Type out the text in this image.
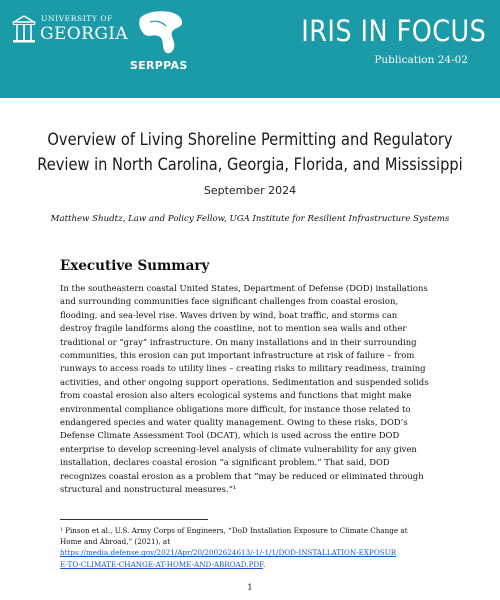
UNIVERSITY OF
GEORGIA
SERPPAS
IRIS IN FOCUS
Publication 24-02
Overview of Living Shoreline Permitting and Regulatory
Review in North Carolina, Georgia, Florida, and Mississippi
September 2024
Matthew Shudtz, Law and Policy Fellow, UGA Institute for Resilient Infrastructure Systems
Executive Summary
In the southeastern coastal United States, Department of Defense (DOD) installations
and surrounding communities face significant challenges from coastal erosion,
flooding, and sea-level rise. Waves driven by wind, boat traffic, and storms can
destroy fragile landforms along the coastline, not to mention sea walls and other
traditional or “gray” infrastructure. On many installations and in their surrounding
communities, this erosion can put important infrastructure at risk of failure – from
runways to access roads to utility lines – creating risks to military readiness, training
activities, and other ongoing support operations. Sedimentation and suspended solids
from coastal erosion also alters ecological systems and functions that might make
environmental compliance obligations more difficult, for instance those related to
endangered species and water quality management. Owing to these risks, DOD’s
Defense Climate Assessment Tool (DCAT), which is used across the entire DOD
enterprise to develop screening-level analysis of climate vulnerability for any given
installation, declares coastal erosion “a significant problem.” That said, DOD
recognizes coastal erosion as a problem that “may be reduced or eliminated through
structural and nonstructural measures.”¹
¹ Pinson et al., U.S. Army Corps of Engineers, “DoD Installation Exposure to Climate Change at
Home and Abroad,” (2021), at
https://media.defense.gov/2021/Apr/20/2002624613/-1/-1/1/DOD-INSTALLATION-EXPOSUR
E-TO-CLIMATE-CHANGE-AT-HOME-AND-ABROAD.PDF.
1
